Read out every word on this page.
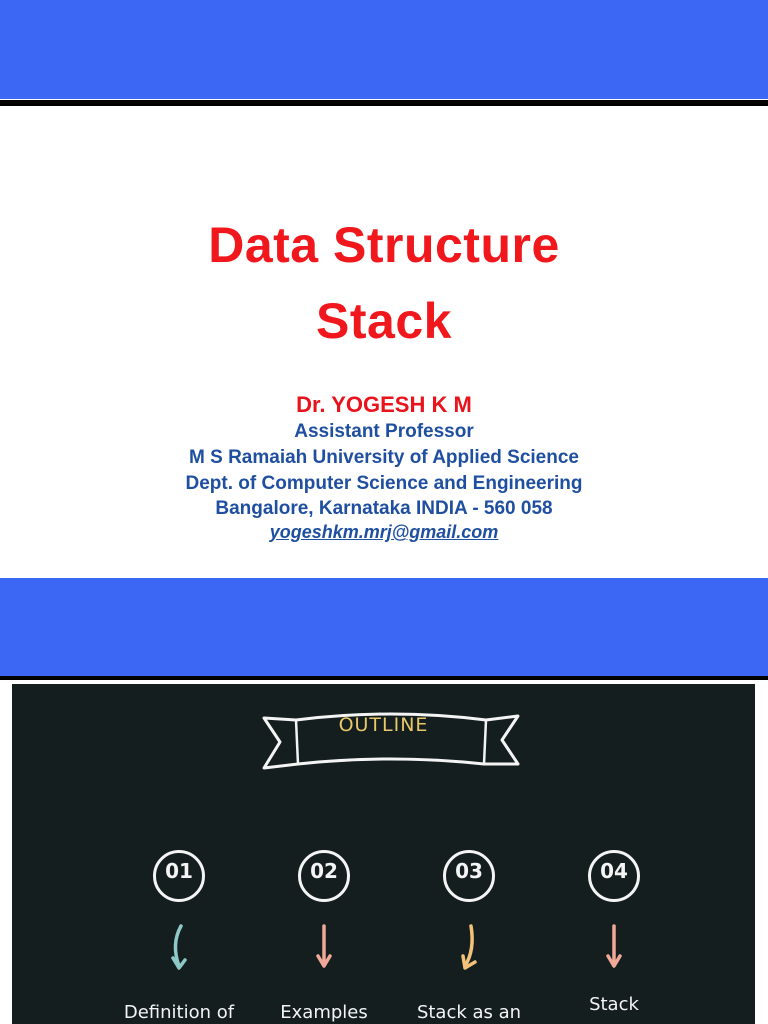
Data Structure
Stack
Dr. YOGESH K M
Assistant Professor
M S Ramaiah University of Applied Science
Dept. of Computer Science and Engineering
Bangalore, Karnataka INDIA - 560 058
yogeshkm.mrj@gmail.com
OUTLINE
01
Definition of
02
Examples
03
Stack as an
04
Stack
